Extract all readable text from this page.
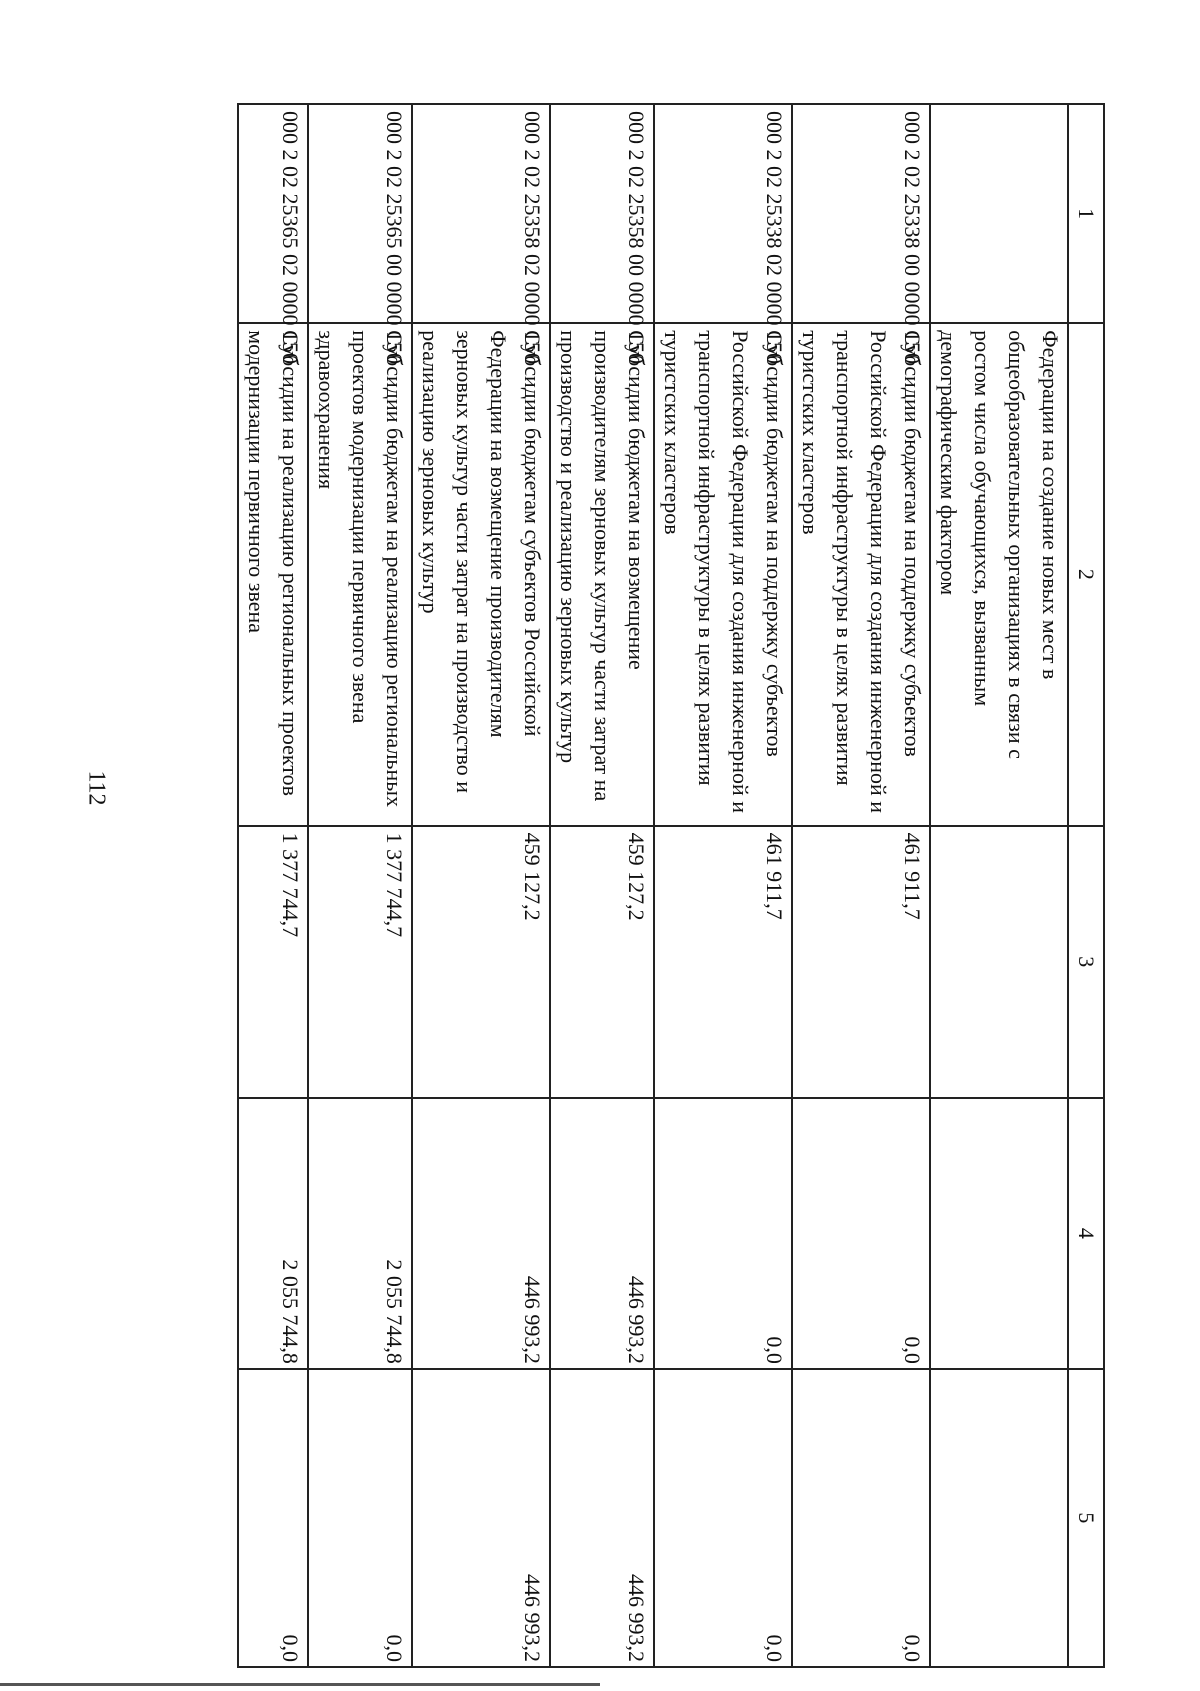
112
1	2	3	4	5
	Федерации на создание новых мест в общеобразовательных организациях в связи с ростом числа обучающихся, вызванным демографическим фактором			
000 2 02 25338 00 0000 150	Субсидии бюджетам на поддержку субъектов Российской Федерации для создания инженерной и транспортной инфраструктуры в целях развития туристских кластеров	461 911,7	0,0	0,0
000 2 02 25338 02 0000 150	Субсидии бюджетам на поддержку субъектов Российской Федерации для создания инженерной и транспортной инфраструктуры в целях развития туристских кластеров	461 911,7	0,0	0,0
000 2 02 25358 00 0000 150	Субсидии бюджетам на возмещение производителям зерновых культур части затрат на производство и реализацию зерновых культур	459 127,2	446 993,2	446 993,2
000 2 02 25358 02 0000 150	Субсидии бюджетам субъектов Российской Федерации на возмещение производителям зерновых культур части затрат на производство и реализацию зерновых культур	459 127,2	446 993,2	446 993,2
000 2 02 25365 00 0000 150	Субсидии бюджетам на реализацию региональных проектов модернизации первичного звена здравоохранения	1 377 744,7	2 055 744,8	0,0
000 2 02 25365 02 0000 150	Субсидии на реализацию региональных проектов модернизации первичного звена	1 377 744,7	2 055 744,8	0,0
